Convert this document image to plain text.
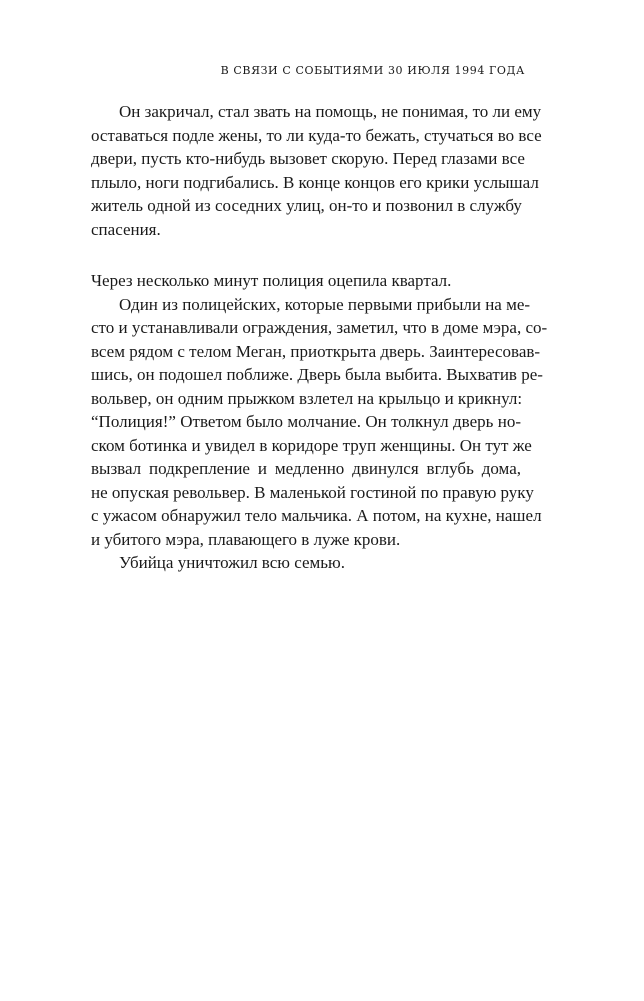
В СВЯЗИ С СОБЫТИЯМИ 30 ИЮЛЯ 1994 ГОДА
Он закричал, стал звать на помощь, не понимая, то ли ему
оставаться подле жены, то ли куда-то бежать, стучаться во все
двери, пусть кто-нибудь вызовет скорую. Перед глазами все
плыло, ноги подгибались. В конце концов его крики услышал
житель одной из соседних улиц, он-то и позвонил в службу
спасения.
Через несколько минут полиция оцепила квартал.
Один из полицейских, которые первыми прибыли на ме-
сто и устанавливали ограждения, заметил, что в доме мэра, со-
всем рядом с телом Меган, приоткрыта дверь. Заинтересовав-
шись, он подошел поближе. Дверь была выбита. Выхватив ре-
вольвер, он одним прыжком взлетел на крыльцо и крикнул:
“Полиция!” Ответом было молчание. Он толкнул дверь но-
ском ботинка и увидел в коридоре труп женщины. Он тут же
вызвал подкрепление и медленно двинулся вглубь дома,
не опуская револьвер. В маленькой гостиной по правую руку
с ужасом обнаружил тело мальчика. А потом, на кухне, нашел
и убитого мэра, плавающего в луже крови.
Убийца уничтожил всю семью.
